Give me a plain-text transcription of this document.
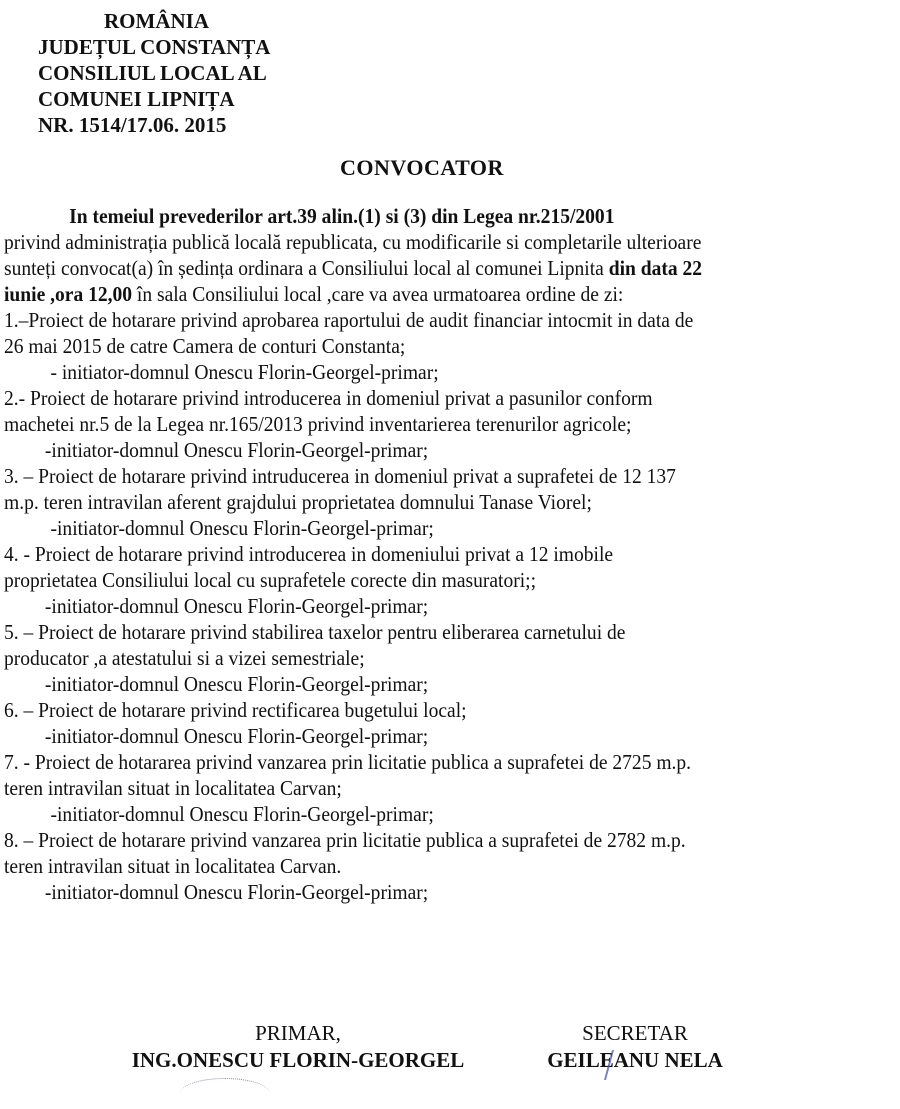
ROMÂNIA
JUDEȚUL CONSTANȚA
CONSILIUL LOCAL AL
COMUNEI LIPNIȚA
NR. 1514/17.06. 2015
CONVOCATOR
In temeiul prevederilor art.39 alin.(1) si (3) din Legea nr.215/2001
privind administrația publică locală republicata, cu modificarile si completarile ulterioare
sunteți convocat(a) în ședința ordinara a Consiliului local al comunei Lipnita din data 22
iunie ,ora 12,00 în sala Consiliului local ,care va avea urmatoarea ordine de zi:
1.–Proiect de hotarare privind aprobarea raportului de audit financiar intocmit in data de
26 mai 2015 de catre Camera de conturi Constanta;
- initiator-domnul Onescu Florin-Georgel-primar;
2.- Proiect de hotarare privind introducerea in domeniul privat a pasunilor conform
machetei nr.5 de la Legea nr.165/2013 privind inventarierea terenurilor agricole;
-initiator-domnul Onescu Florin-Georgel-primar;
3. – Proiect de hotarare privind intruducerea in domeniul privat a suprafetei de 12 137
m.p. teren intravilan aferent grajdului proprietatea domnului Tanase Viorel;
-initiator-domnul Onescu Florin-Georgel-primar;
4. - Proiect de hotarare privind introducerea in domeniului privat a 12 imobile
proprietatea Consiliului local cu suprafetele corecte din masuratori;;
-initiator-domnul Onescu Florin-Georgel-primar;
5. – Proiect de hotarare privind stabilirea taxelor pentru eliberarea carnetului de
producator ,a atestatului si a vizei semestriale;
-initiator-domnul Onescu Florin-Georgel-primar;
6. – Proiect de hotarare privind rectificarea bugetului local;
-initiator-domnul Onescu Florin-Georgel-primar;
7. - Proiect de hotararea privind vanzarea prin licitatie publica a suprafetei de 2725 m.p.
teren intravilan situat in localitatea Carvan;
-initiator-domnul Onescu Florin-Georgel-primar;
8. – Proiect de hotarare privind vanzarea prin licitatie publica a suprafetei de 2782 m.p.
teren intravilan situat in localitatea Carvan.
-initiator-domnul Onescu Florin-Georgel-primar;
PRIMAR,
ING.ONESCU FLORIN-GEORGEL
SECRETAR
GEILEANU NELA
